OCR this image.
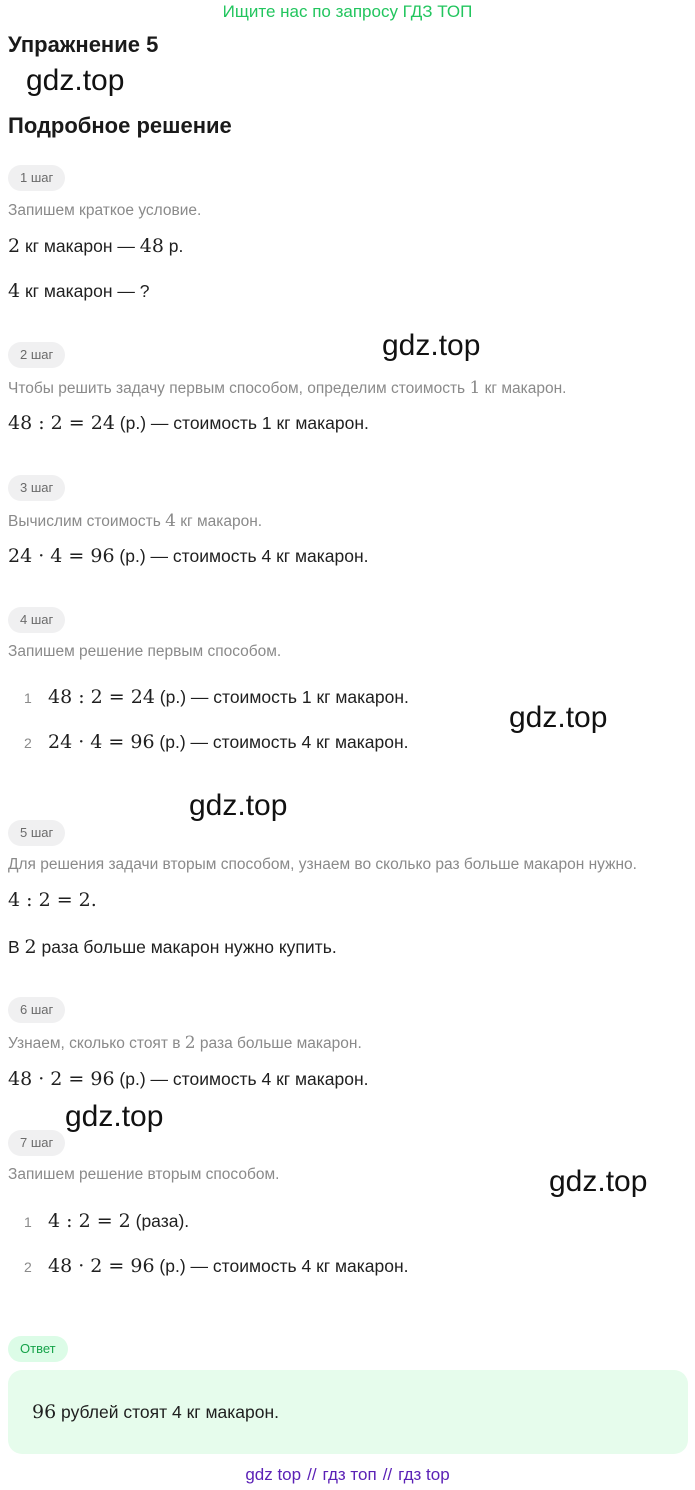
Ищите нас по запросу ГДЗ ТОП
Упражнение 5
gdz.top
Подробное решение
1 шаг
Запишем краткое условие.
2 кг макарон — 48 р.
4 кг макарон — ?
gdz.top
2 шаг
Чтобы решить задачу первым способом, определим стоимость 1 кг макарон.
48 : 2 = 24 (р.) — стоимость 1 кг макарон.
3 шаг
Вычислим стоимость 4 кг макарон.
24 · 4 = 96 (р.) — стоимость 4 кг макарон.
4 шаг
Запишем решение первым способом.
1 48 : 2 = 24 (р.) — стоимость 1 кг макарон.
gdz.top
2 24 · 4 = 96 (р.) — стоимость 4 кг макарон.
gdz.top
5 шаг
Для решения задачи вторым способом, узнаем во сколько раз больше макарон нужно.
4 : 2 = 2.
В 2 раза больше макарон нужно купить.
6 шаг
Узнаем, сколько стоят в 2 раза больше макарон.
48 · 2 = 96 (р.) — стоимость 4 кг макарон.
gdz.top
7 шаг
Запишем решение вторым способом.	gdz.top
1 4 : 2 = 2 (раза).
2 48 · 2 = 96 (р.) — стоимость 4 кг макарон.
Ответ
96 рублей стоят 4 кг макарон.
gdz top // гдз топ // гдз top
